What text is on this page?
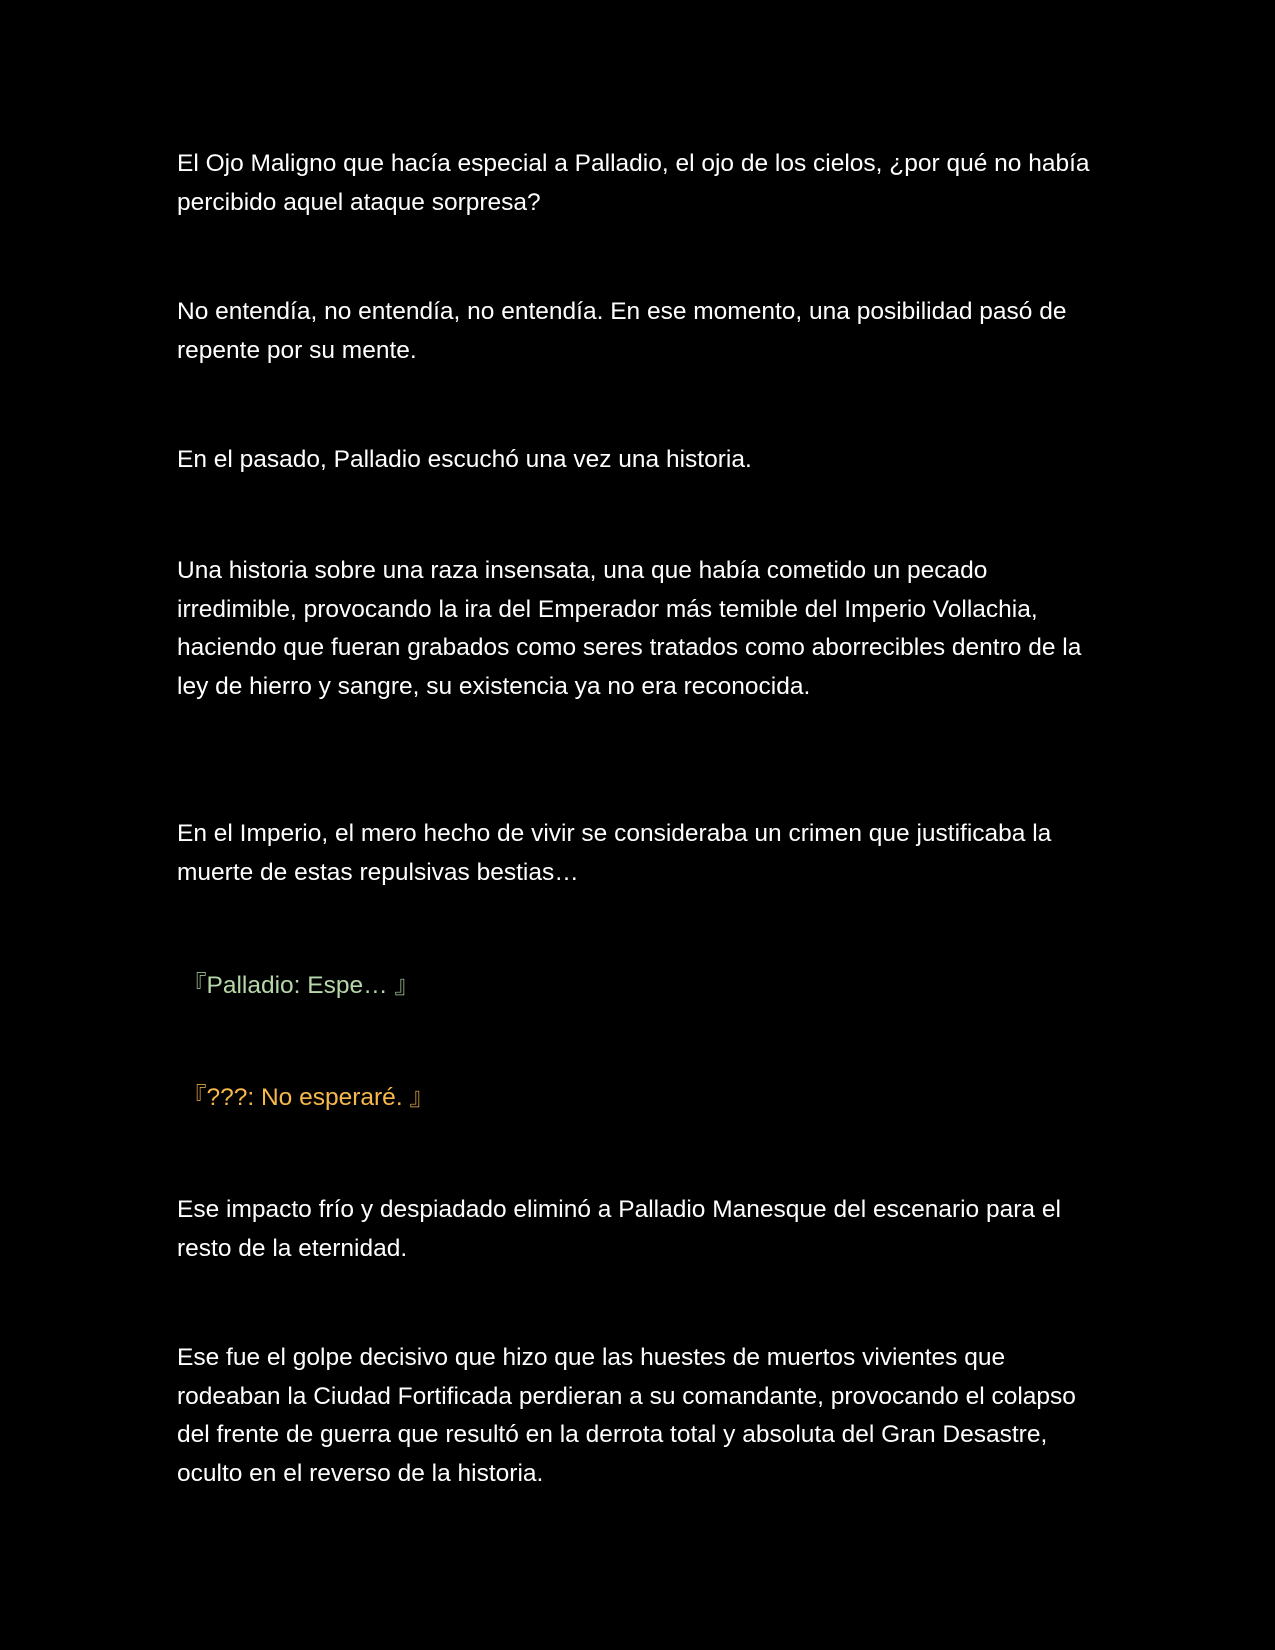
El Ojo Maligno que hacía especial a Palladio, el ojo de los cielos, ¿por qué no había percibido aquel ataque sorpresa?

No entendía, no entendía, no entendía. En ese momento, una posibilidad pasó de repente por su mente.

En el pasado, Palladio escuchó una vez una historia.

Una historia sobre una raza insensata, una que había cometido un pecado irredimible, provocando la ira del Emperador más temible del Imperio Vollachia, haciendo que fueran grabados como seres tratados como aborrecibles dentro de la ley de hierro y sangre, su existencia ya no era reconocida.

En el Imperio, el mero hecho de vivir se consideraba un crimen que justificaba la muerte de estas repulsivas bestias…

『Palladio: Espe… 』

『???: No esperaré. 』

Ese impacto frío y despiadado eliminó a Palladio Manesque del escenario para el resto de la eternidad.

Ese fue el golpe decisivo que hizo que las huestes de muertos vivientes que rodeaban la Ciudad Fortificada perdieran a su comandante, provocando el colapso del frente de guerra que resultó en la derrota total y absoluta del Gran Desastre, oculto en el reverso de la historia.
